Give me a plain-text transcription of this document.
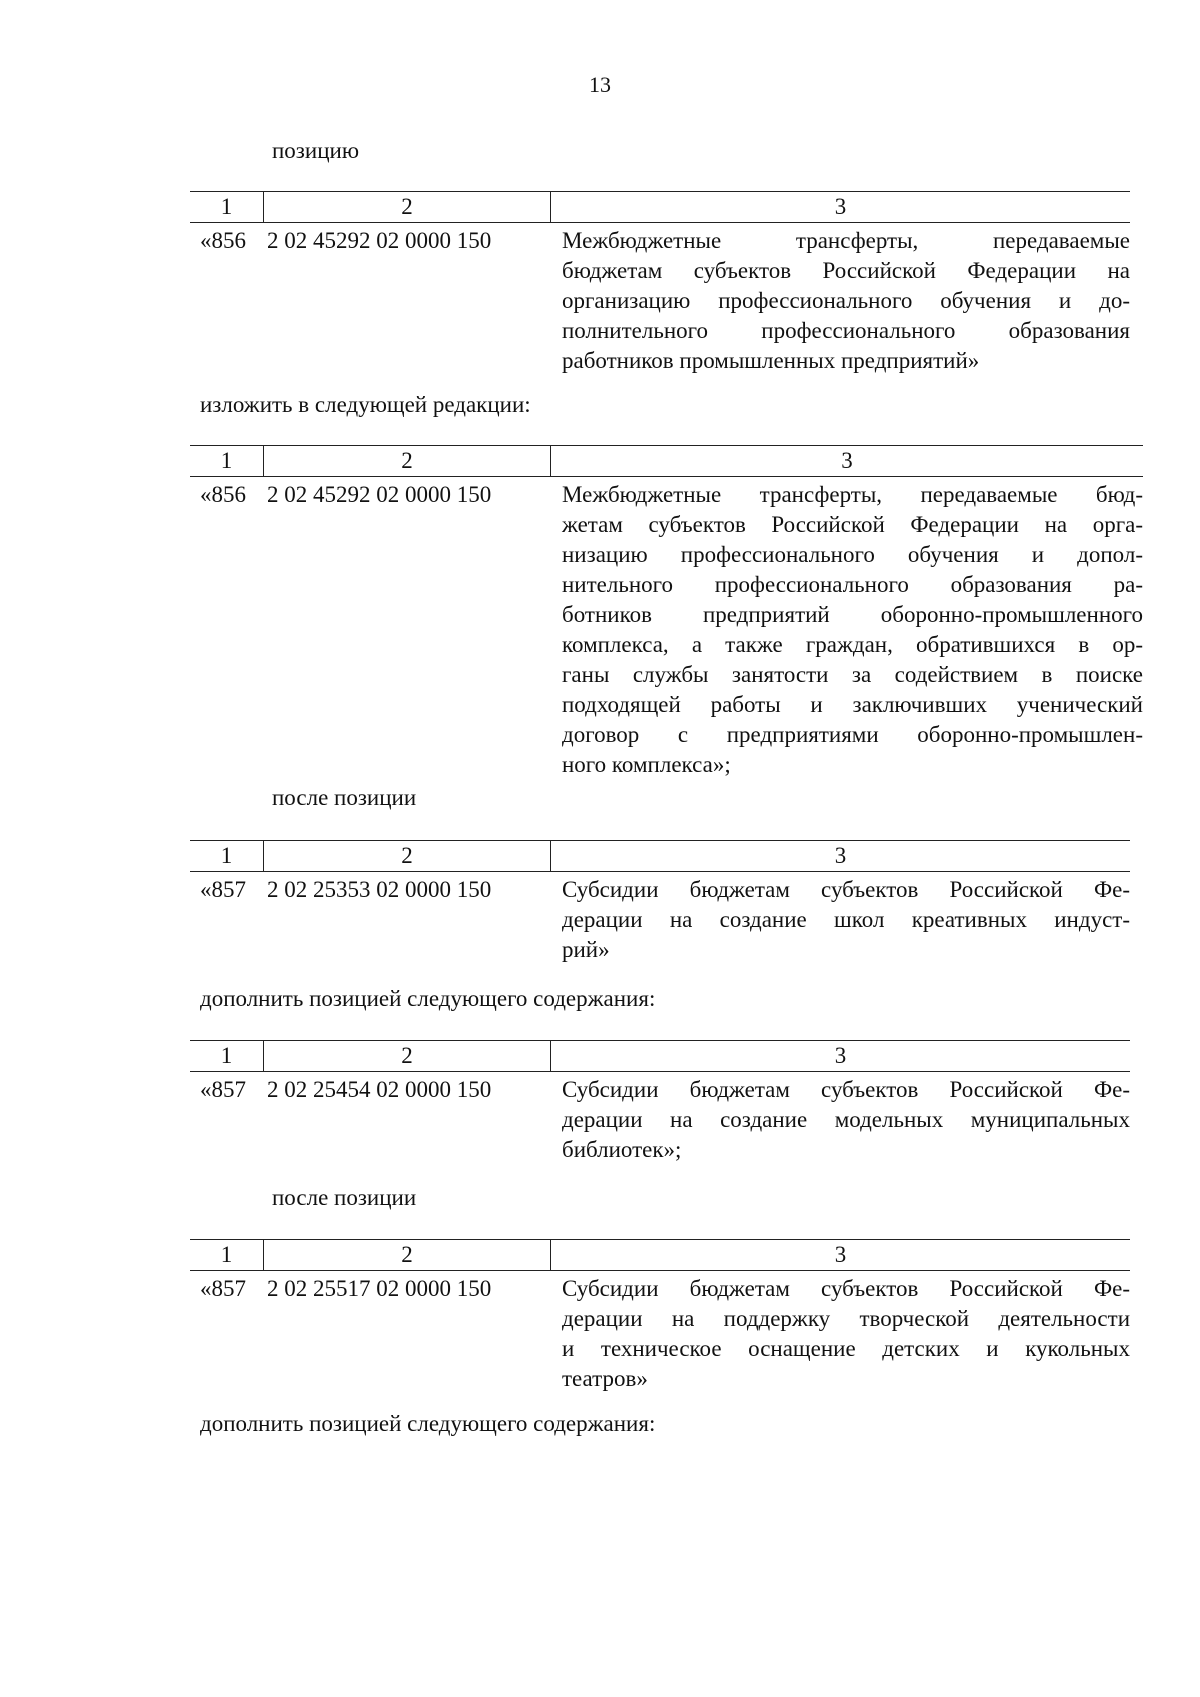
13
позицию
1	2	3
«856 2 02 45292 02 0000 150	Межбюджетные трансферты, передаваемые
бюджетам субъектов Российской Федерации на
организацию профессионального обучения и до-
полнительного профессионального образования
работников промышленных предприятий»
изложить в следующей редакции:
1	2	3
«856 2 02 45292 02 0000 150	Межбюджетные трансферты, передаваемые бюд-
жетам субъектов Российской Федерации на орга-
низацию профессионального обучения и допол-
нительного профессионального образования ра-
ботников предприятий оборонно-промышленного
комплекса, а также граждан, обратившихся в ор-
ганы службы занятости за содействием в поиске
подходящей работы и заключивших ученический
договор с предприятиями оборонно-промышлен-
ного комплекса»;
после позиции
1	2	3
«857 2 02 25353 02 0000 150	Субсидии бюджетам субъектов Российской Фе-
дерации на создание школ креативных индуст-
рий»
дополнить позицией следующего содержания:
1	2	3
«857 2 02 25454 02 0000 150	Субсидии бюджетам субъектов Российской Фе-
дерации на создание модельных муниципальных
библиотек»;
после позиции
1	2	3
«857 2 02 25517 02 0000 150	Субсидии бюджетам субъектов Российской Фе-
дерации на поддержку творческой деятельности
и техническое оснащение детских и кукольных
театров»
дополнить позицией следующего содержания:
